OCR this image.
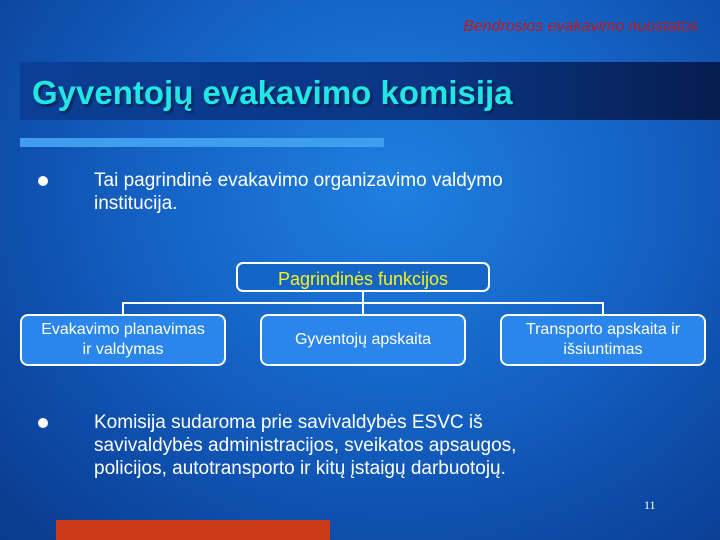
Bendrosios evakavimo nuostatos
Gyventojų evakavimo komisija
Tai pagrindinė evakavimo organizavimo valdymo
institucija.
Pagrindinės funkcijos
Evakavimo planavimas
ir valdymas
Gyventojų apskaita
Transporto apskaita ir
išsiuntimas
Komisija sudaroma prie savivaldybės ESVC iš
savivaldybės administracijos, sveikatos apsaugos,
policijos, autotransporto ir kitų įstaigų darbuotojų.
11
